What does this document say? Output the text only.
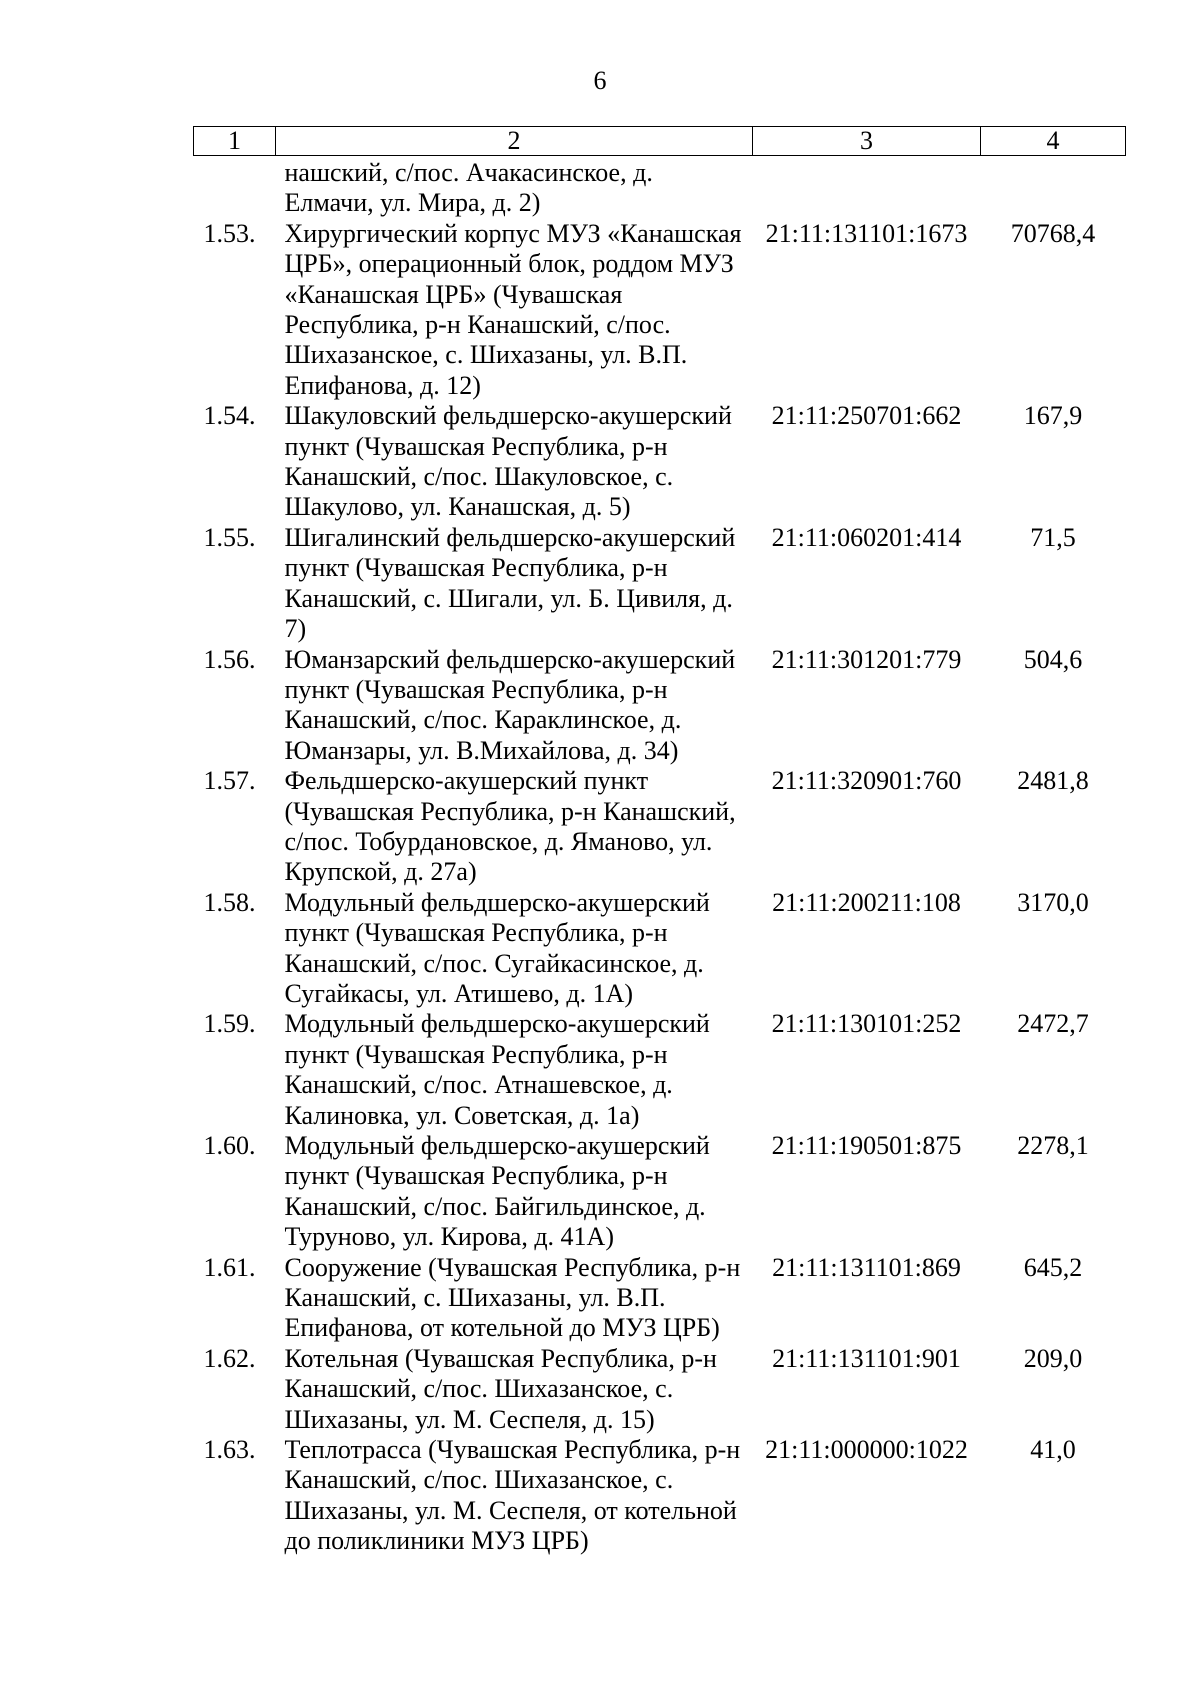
6
1	2	3	4
	нашский, с/пос. Ачакасинское, д. Елмачи, ул. Мира, д. 2)		
1.53.	Хирургический корпус МУЗ «Канашская ЦРБ», операционный блок, роддом МУЗ «Канашская ЦРБ» (Чувашская Республика, р-н Канашский, с/пос. Шихазанское, с. Шихазаны, ул. В.П. Епифанова, д. 12)	21:11:131101:1673	70768,4
1.54.	Шакуловский фельдшерско-акушерский пункт (Чувашская Республика, р-н Канашский, с/пос. Шакуловское, с. Шакулово, ул. Канашская, д. 5)	21:11:250701:662	167,9
1.55.	Шигалинский фельдшерско-акушерский пункт (Чувашская Республика, р-н Канашский, с. Шигали, ул. Б. Цивиля, д. 7)	21:11:060201:414	71,5
1.56.	Юманзарский фельдшерско-акушерский пункт (Чувашская Республика, р-н Канашский, с/пос. Караклинское, д. Юманзары, ул. В.Михайлова, д. 34)	21:11:301201:779	504,6
1.57.	Фельдшерско-акушерский пункт (Чувашская Республика, р-н Канашский, с/пос. Тобурдановское, д. Яманово, ул. Крупской, д. 27а)	21:11:320901:760	2481,8
1.58.	Модульный фельдшерско-акушерский пункт (Чувашская Республика, р-н Канашский, с/пос. Сугайкасинское, д. Сугайкасы, ул. Атишево, д. 1А)	21:11:200211:108	3170,0
1.59.	Модульный фельдшерско-акушерский пункт (Чувашская Республика, р-н Канашский, с/пос. Атнашевское, д. Калиновка, ул. Советская, д. 1а)	21:11:130101:252	2472,7
1.60.	Модульный фельдшерско-акушерский пункт (Чувашская Республика, р-н Канашский, с/пос. Байгильдинское, д. Туруново, ул. Кирова, д. 41А)	21:11:190501:875	2278,1
1.61.	Сооружение (Чувашская Республика, р-н Канашский, с. Шихазаны, ул. В.П. Епифанова, от котельной до МУЗ ЦРБ)	21:11:131101:869	645,2
1.62.	Котельная (Чувашская Республика, р-н Канашский, с/пос. Шихазанское, с. Шихазаны, ул. М. Сеспеля, д. 15)	21:11:131101:901	209,0
1.63.	Теплотрасса (Чувашская Республика, р-н Канашский, с/пос. Шихазанское, с. Шихазаны, ул. М. Сеспеля, от котельной до поликлиники МУЗ ЦРБ)	21:11:000000:1022	41,0
